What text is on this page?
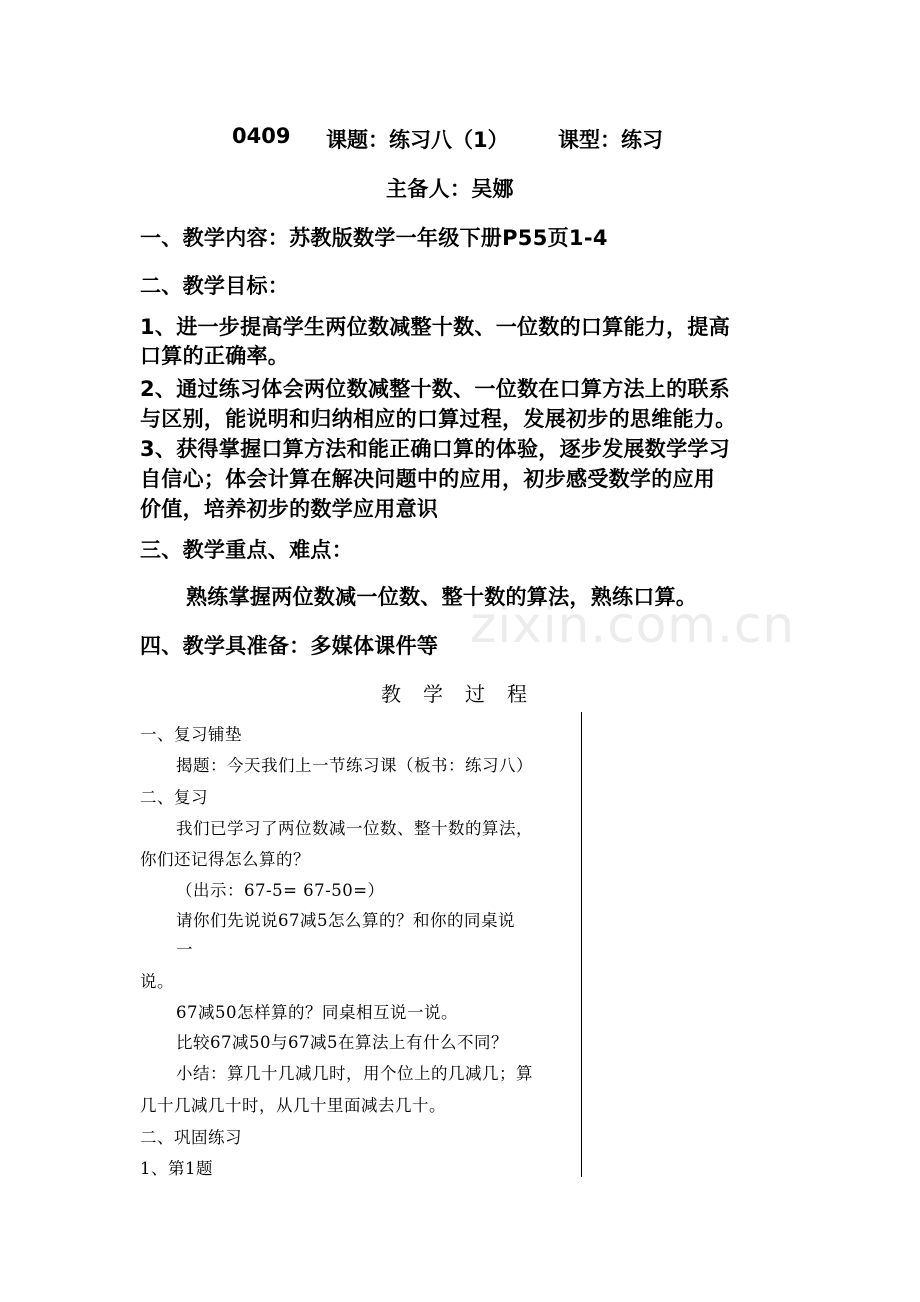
zixin.com.cn
0409 课题：练习八（1） 课型：练习
主备人：吴娜
一、教学内容：苏教版数学一年级下册P55页1-4
二、教学目标：
1、进一步提高学生两位数减整十数、一位数的口算能力，提高
口算的正确率。
2、通过练习体会两位数减整十数、一位数在口算方法上的联系
与区别，能说明和归纳相应的口算过程，发展初步的思维能力。
3、获得掌握口算方法和能正确口算的体验，逐步发展数学学习
自信心；体会计算在解决问题中的应用，初步感受数学的应用
价值，培养初步的数学应用意识
三、教学重点、难点：
熟练掌握两位数减一位数、整十数的算法，熟练口算。
四、教学具准备：多媒体课件等
教　学　过　程
一、复习铺垫
揭题：今天我们上一节练习课（板书：练习八）
二、复习
我们已学习了两位数减一位数、整十数的算法，
你们还记得怎么算的？
（出示：67-5= 67-50=）
请你们先说说67减5怎么算的？和你的同桌说
一
说。
67减50怎样算的？同桌相互说一说。
比较67减50与67减5在算法上有什么不同？
小结：算几十几减几时，用个位上的几减几；算
几十几减几十时，从几十里面减去几十。
二、巩固练习
1、第1题
